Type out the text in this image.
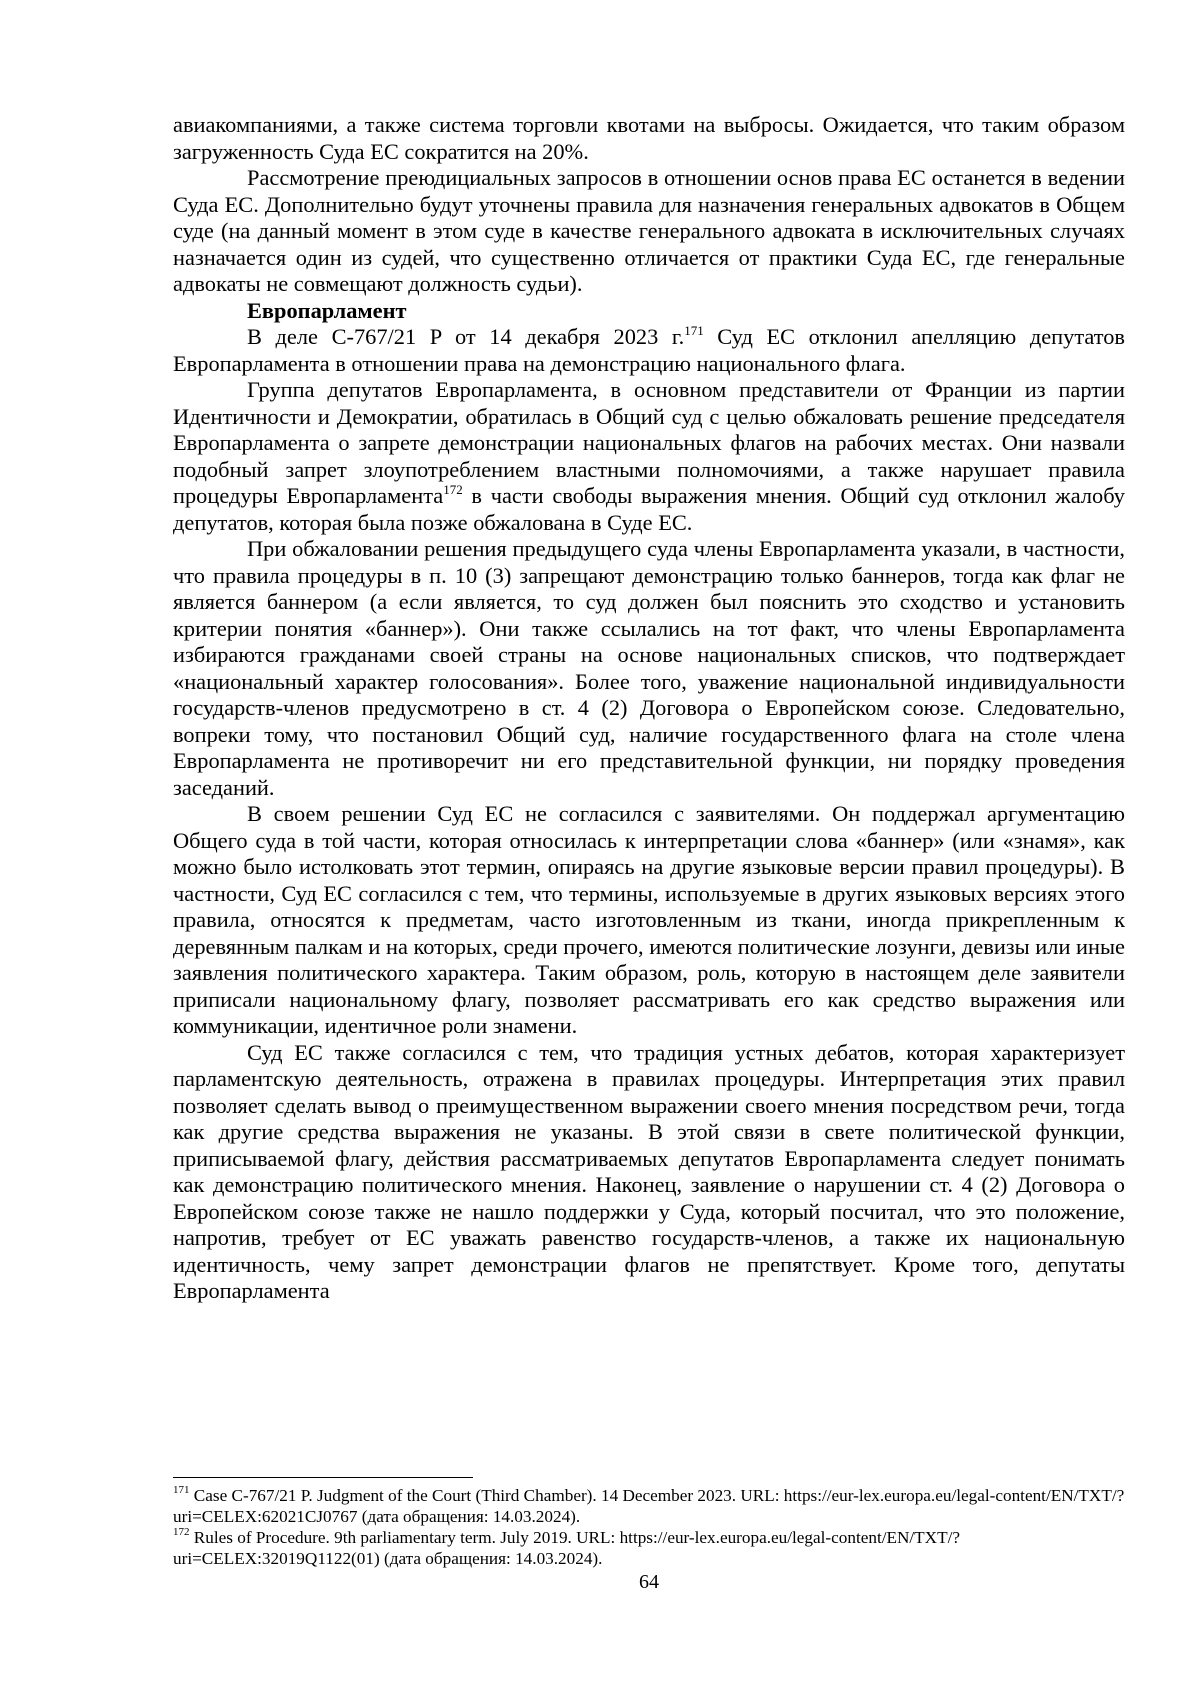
авиакомпаниями, а также система торговли квотами на выбросы. Ожидается, что таким образом загруженность Суда ЕС сократится на 20%.

Рассмотрение преюдициальных запросов в отношении основ права ЕС останется в ведении Суда ЕС. Дополнительно будут уточнены правила для назначения генеральных адвокатов в Общем суде (на данный момент в этом суде в качестве генерального адвоката в исключительных случаях назначается один из судей, что существенно отличается от практики Суда ЕС, где генеральные адвокаты не совмещают должность судьи).

Европарламент

В деле C-767/21 P от 14 декабря 2023 г.$^{171}$ Суд ЕС отклонил апелляцию депутатов Европарламента в отношении права на демонстрацию национального флага.

Группа депутатов Европарламента, в основном представители от Франции из партии Идентичности и Демократии, обратилась в Общий суд с целью обжаловать решение председателя Европарламента о запрете демонстрации национальных флагов на рабочих местах. Они назвали подобный запрет злоупотреблением властными полномочиями, а также нарушает правила процедуры Европарламента$^{172}$ в части свободы выражения мнения. Общий суд отклонил жалобу депутатов, которая была позже обжалована в Суде ЕС.

При обжаловании решения предыдущего суда члены Европарламента указали, в частности, что правила процедуры в п. 10 (3) запрещают демонстрацию только баннеров, тогда как флаг не является баннером (а если является, то суд должен был пояснить это сходство и установить критерии понятия «баннер»). Они также ссылались на тот факт, что члены Европарламента избираются гражданами своей страны на основе национальных списков, что подтверждает «национальный характер голосования». Более того, уважение национальной индивидуальности государств-членов предусмотрено в ст. 4 (2) Договора о Европейском союзе. Следовательно, вопреки тому, что постановил Общий суд, наличие государственного флага на столе члена Европарламента не противоречит ни его представительной функции, ни порядку проведения заседаний.

В своем решении Суд ЕС не согласился с заявителями. Он поддержал аргументацию Общего суда в той части, которая относилась к интерпретации слова «баннер» (или «знамя», как можно было истолковать этот термин, опираясь на другие языковые версии правил процедуры). В частности, Суд ЕС согласился с тем, что термины, используемые в других языковых версиях этого правила, относятся к предметам, часто изготовленным из ткани, иногда прикрепленным к деревянным палкам и на которых, среди прочего, имеются политические лозунги, девизы или иные заявления политического характера. Таким образом, роль, которую в настоящем деле заявители приписали национальному флагу, позволяет рассматривать его как средство выражения или коммуникации, идентичное роли знамени.

Суд ЕС также согласился с тем, что традиция устных дебатов, которая характеризует парламентскую деятельность, отражена в правилах процедуры. Интерпретация этих правил позволяет сделать вывод о преимущественном выражении своего мнения посредством речи, тогда как другие средства выражения не указаны. В этой связи в свете политической функции, приписываемой флагу, действия рассматриваемых депутатов Европарламента следует понимать как демонстрацию политического мнения. Наконец, заявление о нарушении ст. 4 (2) Договора о Европейском союзе также не нашло поддержки у Суда, который посчитал, что это положение, напротив, требует от ЕС уважать равенство государств-членов, а также их национальную идентичность, чему запрет демонстрации флагов не препятствует. Кроме того, депутаты Европарламента

$^{171}$ Case C-767/21 P. Judgment of the Court (Third Chamber). 14 December 2023. URL: https://eur-lex.europa.eu/legal-content/EN/TXT/?uri=CELEX:62021CJ0767 (дата обращения: 14.03.2024).

$^{172}$ Rules of Procedure. 9th parliamentary term. July 2019. URL: https://eur-lex.europa.eu/legal-content/EN/TXT/?uri=CELEX:32019Q1122(01) (дата обращения: 14.03.2024).

64
